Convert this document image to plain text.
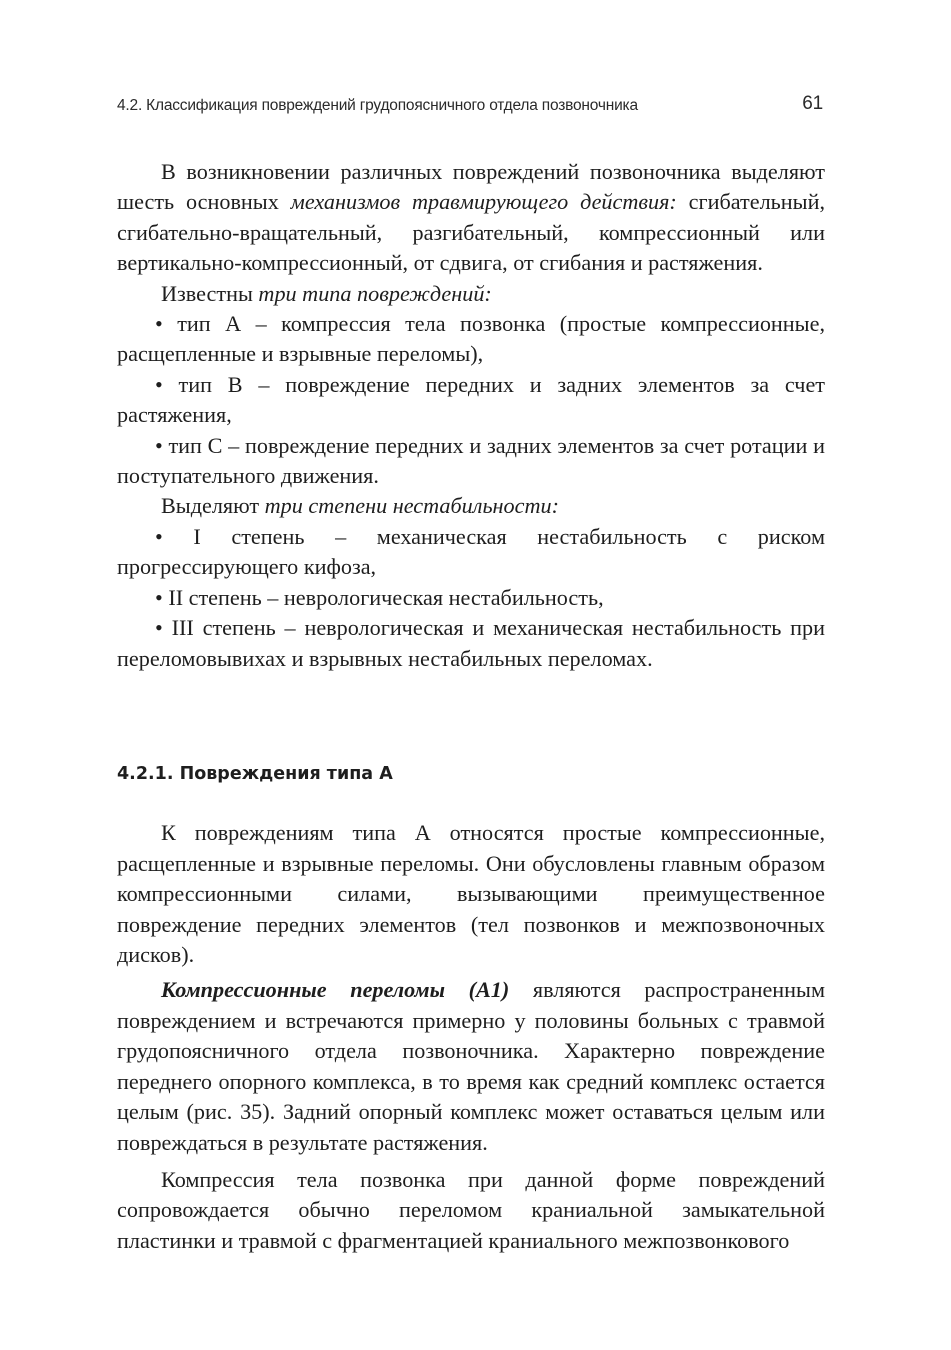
4.2. Классификация повреждений грудопоясничного отдела позвоночника	61

В возникновении различных повреждений позвоночника выделяют шесть основных механизмов травмирующего действия: сгибательный, сгибательно-вращательный, разгибательный, компрессионный или вертикально-компрессионный, от сдвига, от сгибания и растяжения.

Известны три типа повреждений:

• тип А – компрессия тела позвонка (простые компрессионные, расщепленные и взрывные переломы),

• тип В – повреждение передних и задних элементов за счет растяжения,

• тип С – повреждение передних и задних элементов за счет ротации и поступательного движения.

Выделяют три степени нестабильности:

• I степень – механическая нестабильность с риском прогрессирующего кифоза,

• II степень – неврологическая нестабильность,

• III степень – неврологическая и механическая нестабильность при переломовывихах и взрывных нестабильных переломах.

4.2.1. Повреждения типа А

К повреждениям типа А относятся простые компрессионные, расщепленные и взрывные переломы. Они обусловлены главным образом компрессионными силами, вызывающими преимущественное повреждение передних элементов (тел позвонков и межпозвоночных дисков).

Компрессионные переломы (А1) являются распространенным повреждением и встречаются примерно у половины больных с травмой грудопоясничного отдела позвоночника. Характерно повреждение переднего опорного комплекса, в то время как средний комплекс остается целым (рис. 35). Задний опорный комплекс может оставаться целым или повреждаться в результате растяжения.

Компрессия тела позвонка при данной форме повреждений сопровождается обычно переломом краниальной замыкательной пластинки и травмой с фрагментацией краниального межпозвонкового
